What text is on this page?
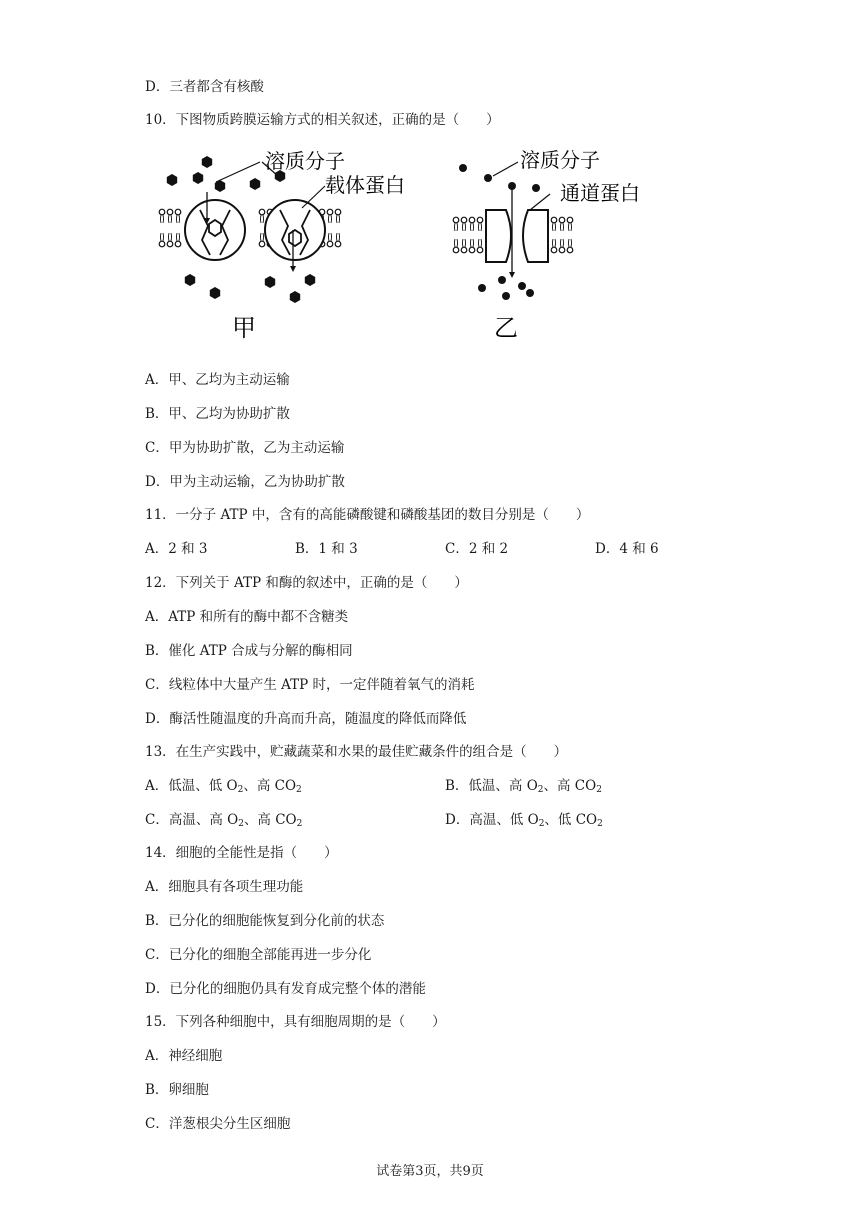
D．三者都含有核酸
10．下图物质跨膜运输方式的相关叙述，正确的是（　　）
溶质分子
载体蛋白
甲
溶质分子
通道蛋白
乙
A．甲、乙均为主动运输
B．甲、乙均为协助扩散
C．甲为协助扩散，乙为主动运输
D．甲为主动运输，乙为协助扩散
11．一分子 ATP 中，含有的高能磷酸键和磷酸基团的数目分别是（　　）
A．2 和 3	B．1 和 3	C．2 和 2	D．4 和 6
12．下列关于 ATP 和酶的叙述中，正确的是（　　）
A．ATP 和所有的酶中都不含糖类
B．催化 ATP 合成与分解的酶相同
C．线粒体中大量产生 ATP 时，一定伴随着氧气的消耗
D．酶活性随温度的升高而升高，随温度的降低而降低
13．在生产实践中，贮藏蔬菜和水果的最佳贮藏条件的组合是（　　）
A．低温、低 $O_2$、高 $CO_2$	B．低温、高 $O_2$、高 $CO_2$
C．高温、高 $O_2$、高 $CO_2$	D．高温、低 $O_2$、低 $CO_2$
14．细胞的全能性是指（　　）
A．细胞具有各项生理功能
B．已分化的细胞能恢复到分化前的状态
C．已分化的细胞全部能再进一步分化
D．已分化的细胞仍具有发育成完整个体的潜能
15．下列各种细胞中，具有细胞周期的是（　　）
A．神经细胞
B．卵细胞
C．洋葱根尖分生区细胞
试卷第3页，共9页
